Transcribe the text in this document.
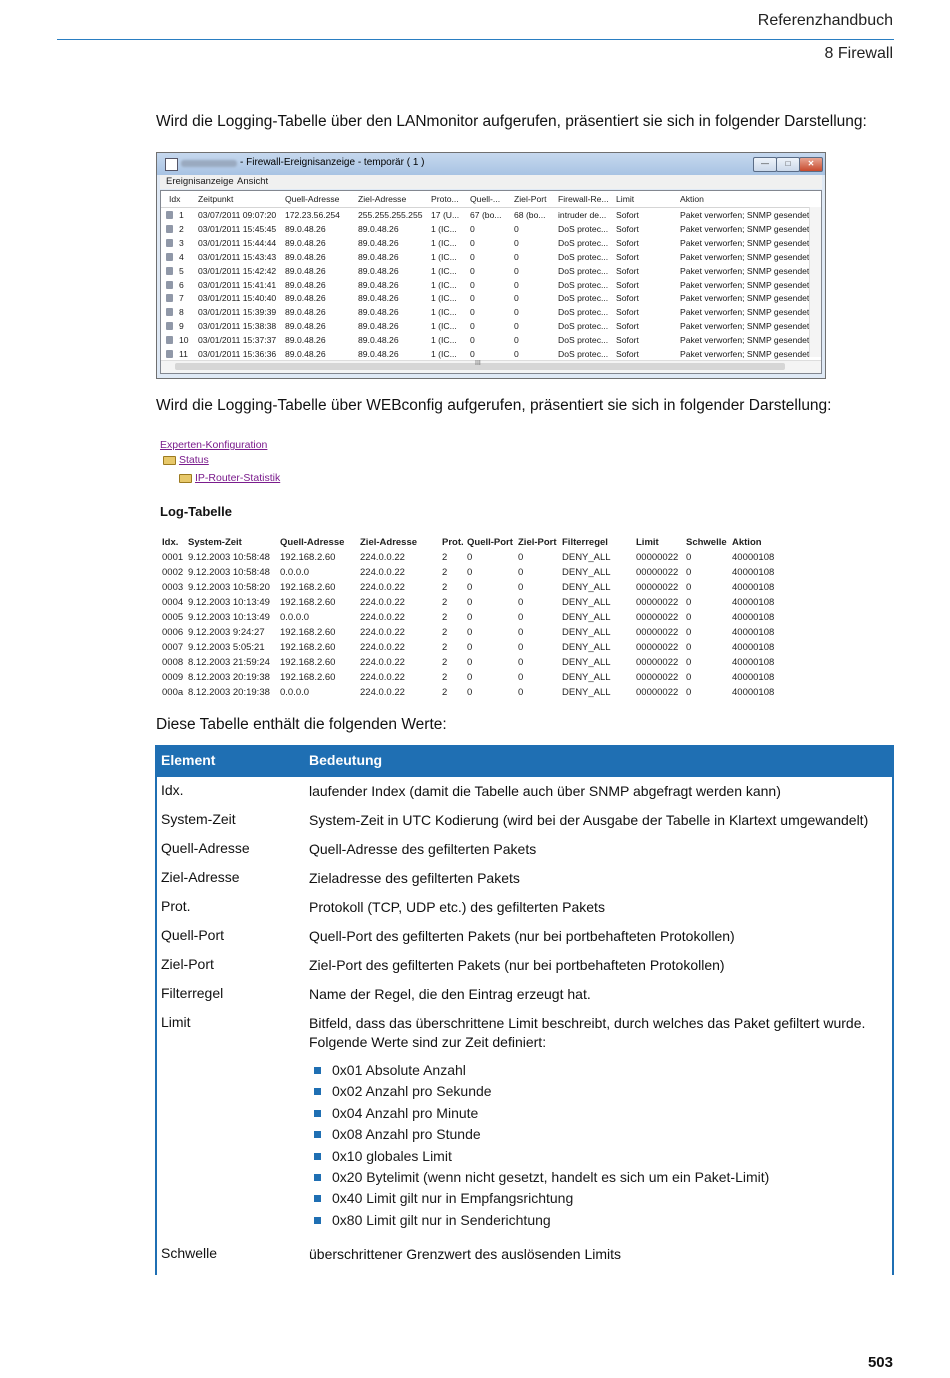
Referenzhandbuch
8 Firewall
Wird die Logging-Tabelle über den LANmonitor aufgerufen, präsentiert sie sich in folgender Darstellung:
- Firewall-Ereignisanzeige - temporär ( 1 )	—	□	✕
Ereignisanzeige Ansicht
Idx	Zeitpunkt	Quell-Adresse	Ziel-Adresse	Proto...	Quell-...	Ziel-Port	Firewall-Re... Limit	Aktion
1	03/07/2011 09:07:20	172.23.56.254	255.255.255.255 17 (U...	67 (bo...	68 (bo...	intruder de...	Sofort	Paket verworfen; SNMP gesendet
2	03/01/2011 15:45:45	89.0.48.26	89.0.48.26	1 (IC...	0	0	DoS protec... Sofort	Paket verworfen; SNMP gesendet
3	03/01/2011 15:44:44	89.0.48.26	89.0.48.26	1 (IC...	0	0	DoS protec... Sofort	Paket verworfen; SNMP gesendet
4	03/01/2011 15:43:43	89.0.48.26	89.0.48.26	1 (IC...	0	0	DoS protec... Sofort	Paket verworfen; SNMP gesendet
5	03/01/2011 15:42:42	89.0.48.26	89.0.48.26	1 (IC...	0	0	DoS protec... Sofort	Paket verworfen; SNMP gesendet
6	03/01/2011 15:41:41	89.0.48.26	89.0.48.26	1 (IC...	0	0	DoS protec... Sofort	Paket verworfen; SNMP gesendet
7	03/01/2011 15:40:40	89.0.48.26	89.0.48.26	1 (IC...	0	0	DoS protec... Sofort	Paket verworfen; SNMP gesendet
8	03/01/2011 15:39:39	89.0.48.26	89.0.48.26	1 (IC...	0	0	DoS protec... Sofort	Paket verworfen; SNMP gesendet
9	03/01/2011 15:38:38	89.0.48.26	89.0.48.26	1 (IC...	0	0	DoS protec... Sofort	Paket verworfen; SNMP gesendet
10	03/01/2011 15:37:37	89.0.48.26	89.0.48.26	1 (IC...	0	0	DoS protec... Sofort	Paket verworfen; SNMP gesendet
11	03/01/2011 15:36:36	89.0.48.26	89.0.48.26	1 (IC...	0	0	DoS protec... Sofort	Paket verworfen; SNMP gesendet
III
Wird die Logging-Tabelle über WEBconfig aufgerufen, präsentiert sie sich in folgender Darstellung:
Experten-Konfiguration
Status
IP-Router-Statistik
Log-Tabelle
Idx. System-Zeit	Quell-Adresse Ziel-Adresse	Prot. Quell-Port Ziel-Port Filterregel	Limit	Schwelle Aktion
0001 9.12.2003 10:58:48 192.168.2.60	224.0.0.22	2 0	0	DENY_ALL	00000022 0	40000108
0002 9.12.2003 10:58:48 0.0.0.0	224.0.0.22	2 0	0	DENY_ALL	00000022 0	40000108
0003 9.12.2003 10:58:20 192.168.2.60	224.0.0.22	2 0	0	DENY_ALL	00000022 0	40000108
0004 9.12.2003 10:13:49 192.168.2.60	224.0.0.22	2 0	0	DENY_ALL	00000022 0	40000108
0005 9.12.2003 10:13:49 0.0.0.0	224.0.0.22	2 0	0	DENY_ALL	00000022 0	40000108
0006 9.12.2003 9:24:27 192.168.2.60	224.0.0.22	2 0	0	DENY_ALL	00000022 0	40000108
0007 9.12.2003 5:05:21 192.168.2.60	224.0.0.22	2 0	0	DENY_ALL	00000022 0	40000108
0008 8.12.2003 21:59:24 192.168.2.60	224.0.0.22	2 0	0	DENY_ALL	00000022 0	40000108
0009 8.12.2003 20:19:38 192.168.2.60	224.0.0.22	2 0	0	DENY_ALL	00000022 0	40000108
000a 8.12.2003 20:19:38 0.0.0.0	224.0.0.22	2 0	0	DENY_ALL	00000022 0	40000108
Diese Tabelle enthält die folgenden Werte:
Element	Bedeutung
Idx.	laufender Index (damit die Tabelle auch über SNMP abgefragt werden kann)
System-Zeit	System-Zeit in UTC Kodierung (wird bei der Ausgabe der Tabelle in Klartext umgewandelt)
Quell-Adresse	Quell-Adresse des gefilterten Pakets
Ziel-Adresse	Zieladresse des gefilterten Pakets
Prot.	Protokoll (TCP, UDP etc.) des gefilterten Pakets
Quell-Port	Quell-Port des gefilterten Pakets (nur bei portbehafteten Protokollen)
Ziel-Port	Ziel-Port des gefilterten Pakets (nur bei portbehafteten Protokollen)
Filterregel	Name der Regel, die den Eintrag erzeugt hat.
Limit	Bitfeld, dass das überschrittene Limit beschreibt, durch welches das Paket gefiltert wurde. Folgende Werte sind zur Zeit definiert:
Schwelle	überschrittener Grenzwert des auslösenden Limits
0x01 Absolute Anzahl
0x02 Anzahl pro Sekunde
0x04 Anzahl pro Minute
0x08 Anzahl pro Stunde
0x10 globales Limit
0x20 Bytelimit (wenn nicht gesetzt, handelt es sich um ein Paket-Limit)
0x40 Limit gilt nur in Empfangsrichtung
0x80 Limit gilt nur in Senderichtung
503
